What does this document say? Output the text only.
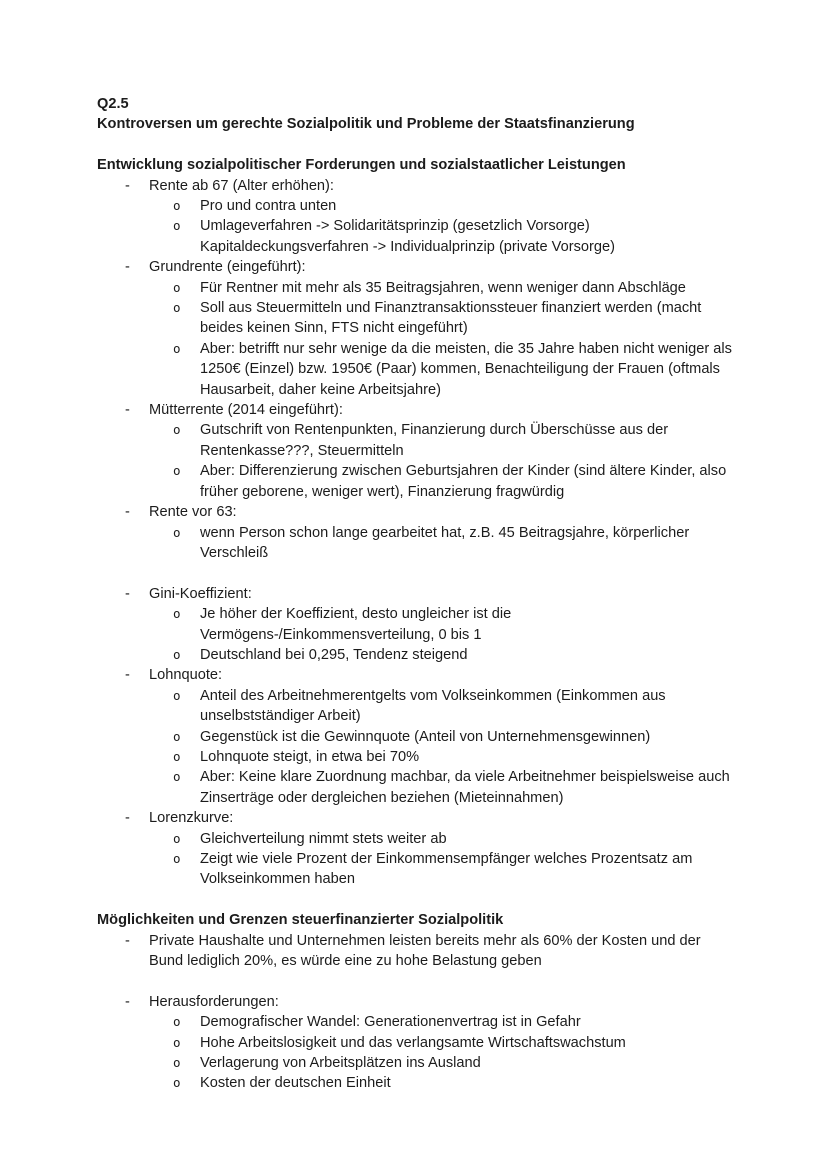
Q2.5
Kontroversen um gerechte Sozialpolitik und Probleme der Staatsfinanzierung
Entwicklung sozialpolitischer Forderungen und sozialstaatlicher Leistungen
-	Rente ab 67 (Alter erhöhen):
o	Pro und contra unten
o	Umlageverfahren -> Solidaritätsprinzip (gesetzlich Vorsorge)
Kapitaldeckungsverfahren -> Individualprinzip (private Vorsorge)
-	Grundrente (eingeführt):
o	Für Rentner mit mehr als 35 Beitragsjahren, wenn weniger dann Abschläge
o	Soll aus Steuermitteln und Finanztransaktionssteuer finanziert werden (macht beides keinen Sinn, FTS nicht eingeführt)
o	Aber: betrifft nur sehr wenige da die meisten, die 35 Jahre haben nicht weniger als 1250€ (Einzel) bzw. 1950€ (Paar) kommen, Benachteiligung der Frauen (oftmals Hausarbeit, daher keine Arbeitsjahre)
-	Mütterrente (2014 eingeführt):
o	Gutschrift von Rentenpunkten, Finanzierung durch Überschüsse aus der Rentenkasse???, Steuermitteln
o	Aber: Differenzierung zwischen Geburtsjahren der Kinder (sind ältere Kinder, also früher geborene, weniger wert), Finanzierung fragwürdig
-	Rente vor 63:
o	wenn Person schon lange gearbeitet hat, z.B. 45 Beitragsjahre, körperlicher Verschleiß
-	Gini-Koeffizient:
o	Je höher der Koeffizient, desto ungleicher ist die Vermögens-/Einkommensverteilung, 0 bis 1
o	Deutschland bei 0,295, Tendenz steigend
-	Lohnquote:
o	Anteil des Arbeitnehmerentgelts vom Volkseinkommen (Einkommen aus unselbstständiger Arbeit)
o	Gegenstück ist die Gewinnquote (Anteil von Unternehmensgewinnen)
o	Lohnquote steigt, in etwa bei 70%
o	Aber: Keine klare Zuordnung machbar, da viele Arbeitnehmer beispielsweise auch Zinserträge oder dergleichen beziehen (Mieteinnahmen)
-	Lorenzkurve:
o	Gleichverteilung nimmt stets weiter ab
o	Zeigt wie viele Prozent der Einkommensempfänger welches Prozentsatz am Volkseinkommen haben
Möglichkeiten und Grenzen steuerfinanzierter Sozialpolitik
-	Private Haushalte und Unternehmen leisten bereits mehr als 60% der Kosten und der Bund lediglich 20%, es würde eine zu hohe Belastung geben
-	Herausforderungen:
o	Demografischer Wandel: Generationenvertrag ist in Gefahr
o	Hohe Arbeitslosigkeit und das verlangsamte Wirtschaftswachstum
o	Verlagerung von Arbeitsplätzen ins Ausland
o	Kosten der deutschen Einheit
